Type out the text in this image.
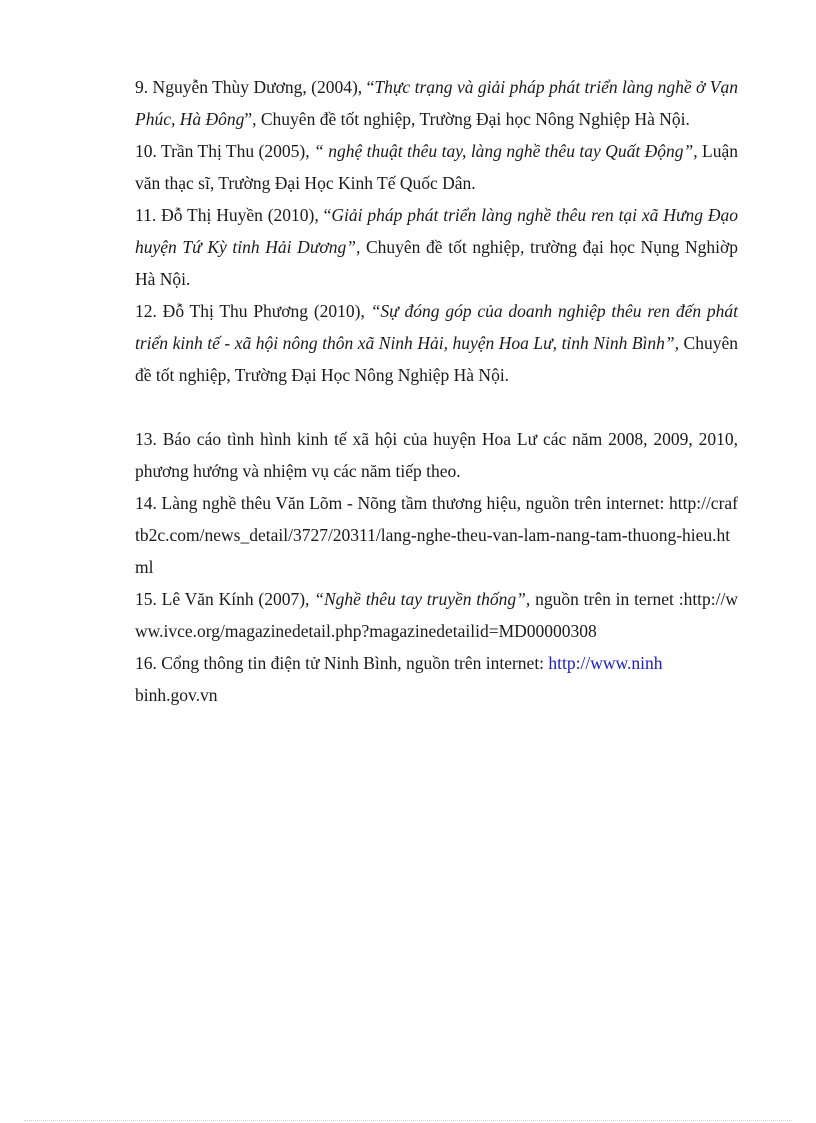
9. Nguyễn Thùy Dương, (2004), “Thực trạng và giải pháp phát triển làng nghề ở Vạn Phúc, Hà Đông”, Chuyên đề tốt nghiệp, Trường Đại học Nông Nghiệp Hà Nội.

10. Trần Thị Thu (2005), “ nghệ thuật thêu tay, làng nghề thêu tay Quất Động”, Luận văn thạc sĩ, Trường Đại Học Kinh Tế Quốc Dân.

11. Đỗ Thị Huyền (2010), “Giải pháp phát triển làng nghề thêu ren tại xã Hưng Đạo huyện Tứ Kỳ tỉnh Hải Dương”, Chuyên đề tốt nghiệp, trường đại học Nụng Nghiờp Hà Nội.

12. Đỗ Thị Thu Phương (2010), “Sự đóng góp của doanh nghiệp thêu ren đến phát triển kinh tế - xã hội nông thôn xã Ninh Hải, huyện Hoa Lư, tỉnh Ninh Bình”, Chuyên đề tốt nghiệp, Trường Đại Học Nông Nghiệp Hà Nội.

13. Báo cáo tình hình kinh tế xã hội của huyện Hoa Lư các năm 2008, 2009, 2010, phương hướng và nhiệm vụ các năm tiếp theo.

14. Làng nghề thêu Văn Lõm - Nõng tầm thương hiệu, nguồn trên internet: http://craftb2c.com/news_detail/3727/20311/lang-nghe-theu-van-lam-nang-tam-thuong-hieu.html

15. Lê Văn Kính (2007), “Nghề thêu tay truyền thống”, nguồn trên in ternet :http://www.ivce.org/magazinedetail.php?magazinedetailid=MD00000308

16. Cổng thông tin điện tử Ninh Bình, nguồn trên internet: http://www.ninh
binh.gov.vn
